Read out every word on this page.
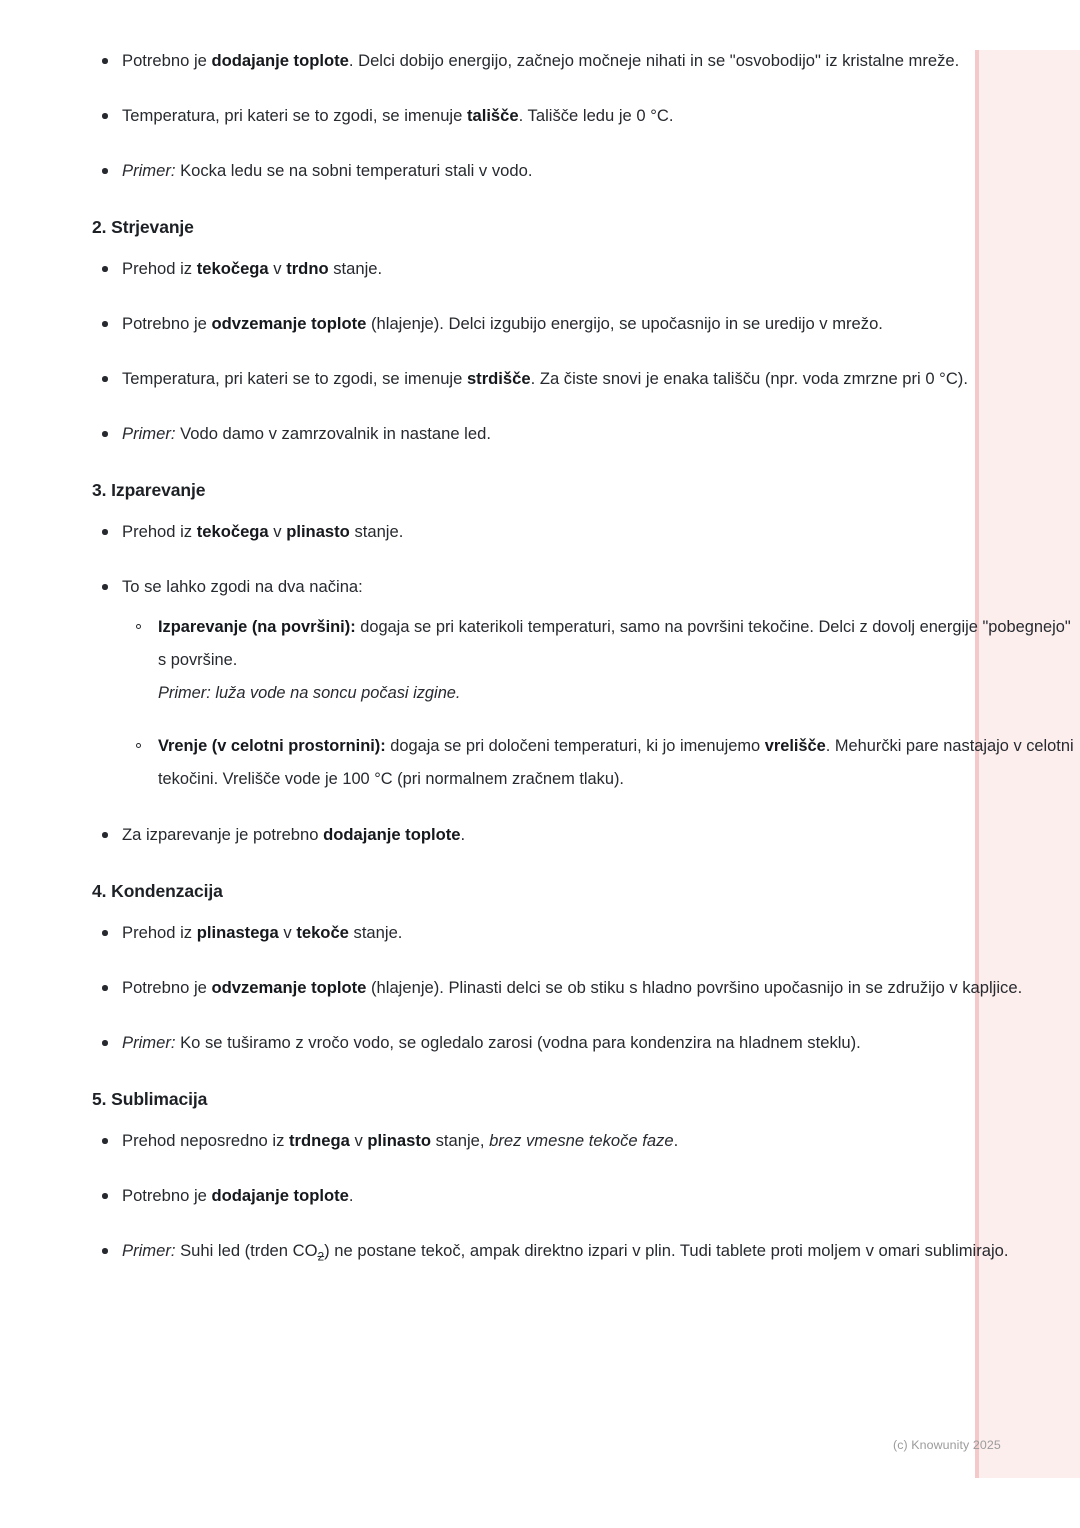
Potrebno je dodajanje toplote. Delci dobijo energijo, začnejo močneje nihati in se "osvobodijo" iz kristalne mreže.
Temperatura, pri kateri se to zgodi, se imenuje tališče. Tališče ledu je 0 °C.
Primer: Kocka ledu se na sobni temperaturi stali v vodo.
2. Strjevanje
Prehod iz tekočega v trdno stanje.
Potrebno je odvzemanje toplote (hlajenje). Delci izgubijo energijo, se upočasnijo in se uredijo v mrežo.
Temperatura, pri kateri se to zgodi, se imenuje strdišče. Za čiste snovi je enaka tališču (npr. voda zmrzne pri 0 °C).
Primer: Vodo damo v zamrzovalnik in nastane led.
3. Izparevanje
Prehod iz tekočega v plinasto stanje.
To se lahko zgodi na dva načina:
Izparevanje (na površini): dogaja se pri katerikoli temperaturi, samo na površini tekočine. Delci z dovolj energije "pobegnejo" s površine.
Primer: luža vode na soncu počasi izgine.
Vrenje (v celotni prostornini): dogaja se pri določeni temperaturi, ki jo imenujemo vrelišče. Mehurčki pare nastajajo v celotni tekočini. Vrelišče vode je 100 °C (pri normalnem zračnem tlaku).
Za izparevanje je potrebno dodajanje toplote.
4. Kondenzacija
Prehod iz plinastega v tekoče stanje.
Potrebno je odvzemanje toplote (hlajenje). Plinasti delci se ob stiku s hladno površino upočasnijo in se združijo v kapljice.
Primer: Ko se tuširamo z vročo vodo, se ogledalo zarosi (vodna para kondenzira na hladnem steklu).
5. Sublimacija
Prehod neposredno iz trdnega v plinasto stanje, brez vmesne tekoče faze.
Potrebno je dodajanje toplote.
Primer: Suhi led (trden $CO_2$) ne postane tekoč, ampak direktno izpari v plin. Tudi tablete proti moljem v omari sublimirajo.
(c) Knowunity 2025
